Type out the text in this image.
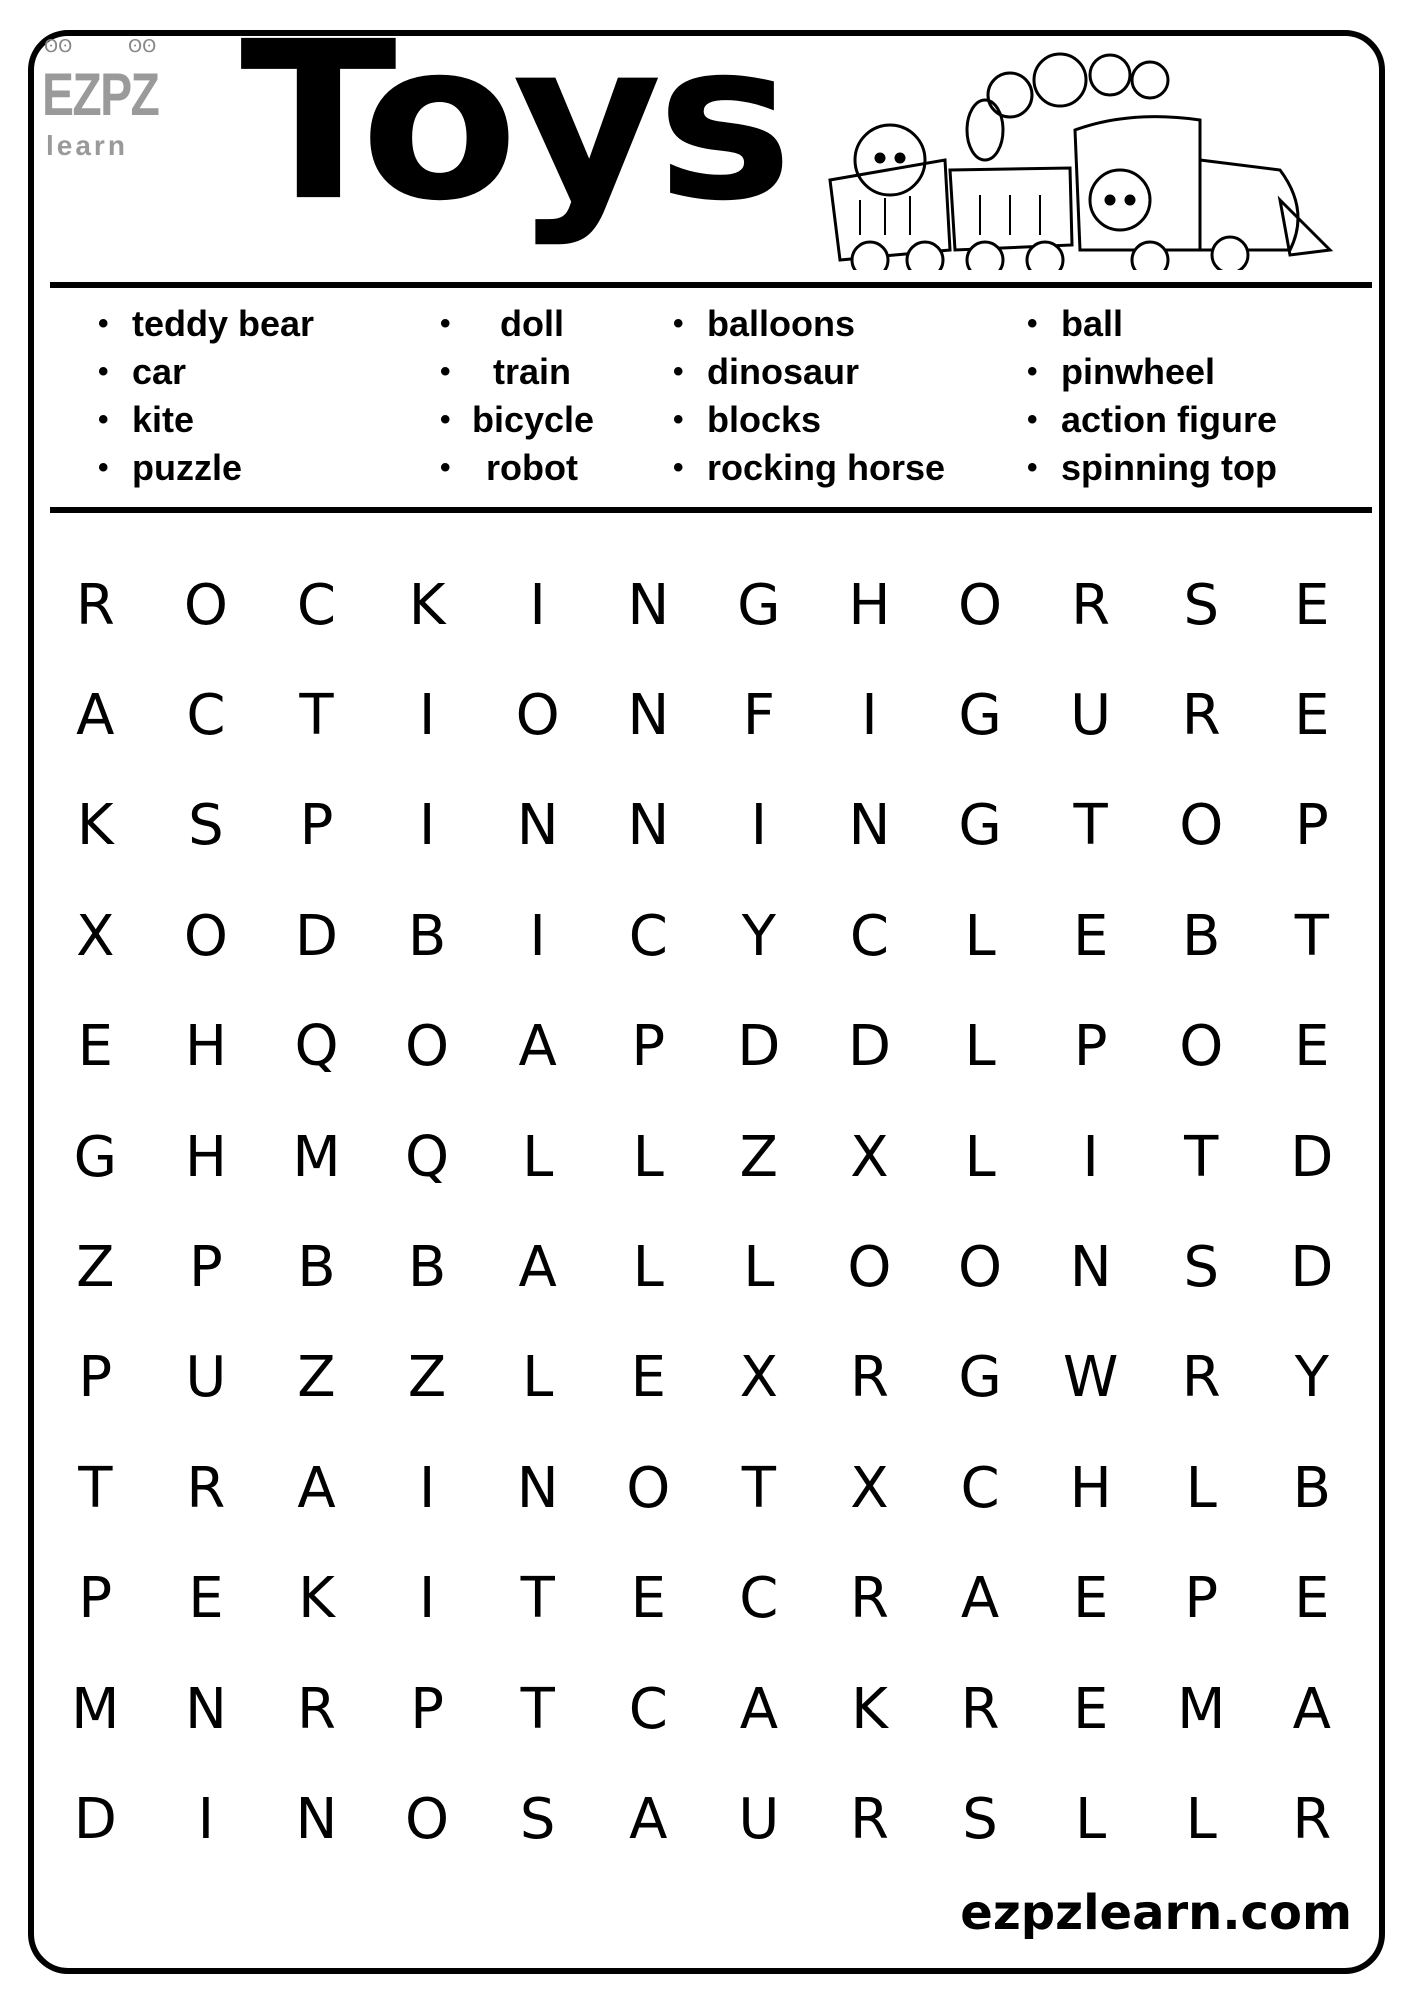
ʘʘ	ʘʘ
EZPZ
learn Toys
• teddy bear
• car
• kite
• puzzle
• doll
• train
• bicycle
• robot
• balloons
• dinosaur
• blocks
• rocking horse
• ball
• pinwheel
• action figure
• spinning top
R	O	C	K	I	N	G	H	O	R	S	E
A	C	T	I	O	N	F	I	G	U	R	E
K	S	P	I	N	N	I	N	G	T	O	P
X	O	D	B	I	C	Y	C	L	E	B	T
E	H	Q	O	A	P	D	D	L	P	O	E
G	H	M	Q	L	L	Z	X	L	I	T	D
Z	P	B	B	A	L	L	O	O	N	S	D
P	U	Z	Z	L	E	X	R	G	W	R	Y
T	R	A	I	N	O	T	X	C	H	L	B
P	E	K	I	T	E	C	R	A	E	P	E
M	N	R	P	T	C	A	K	R	E	M	A
D	I	N	O	S	A	U	R	S	L	L	R
ezpzlearn.com
